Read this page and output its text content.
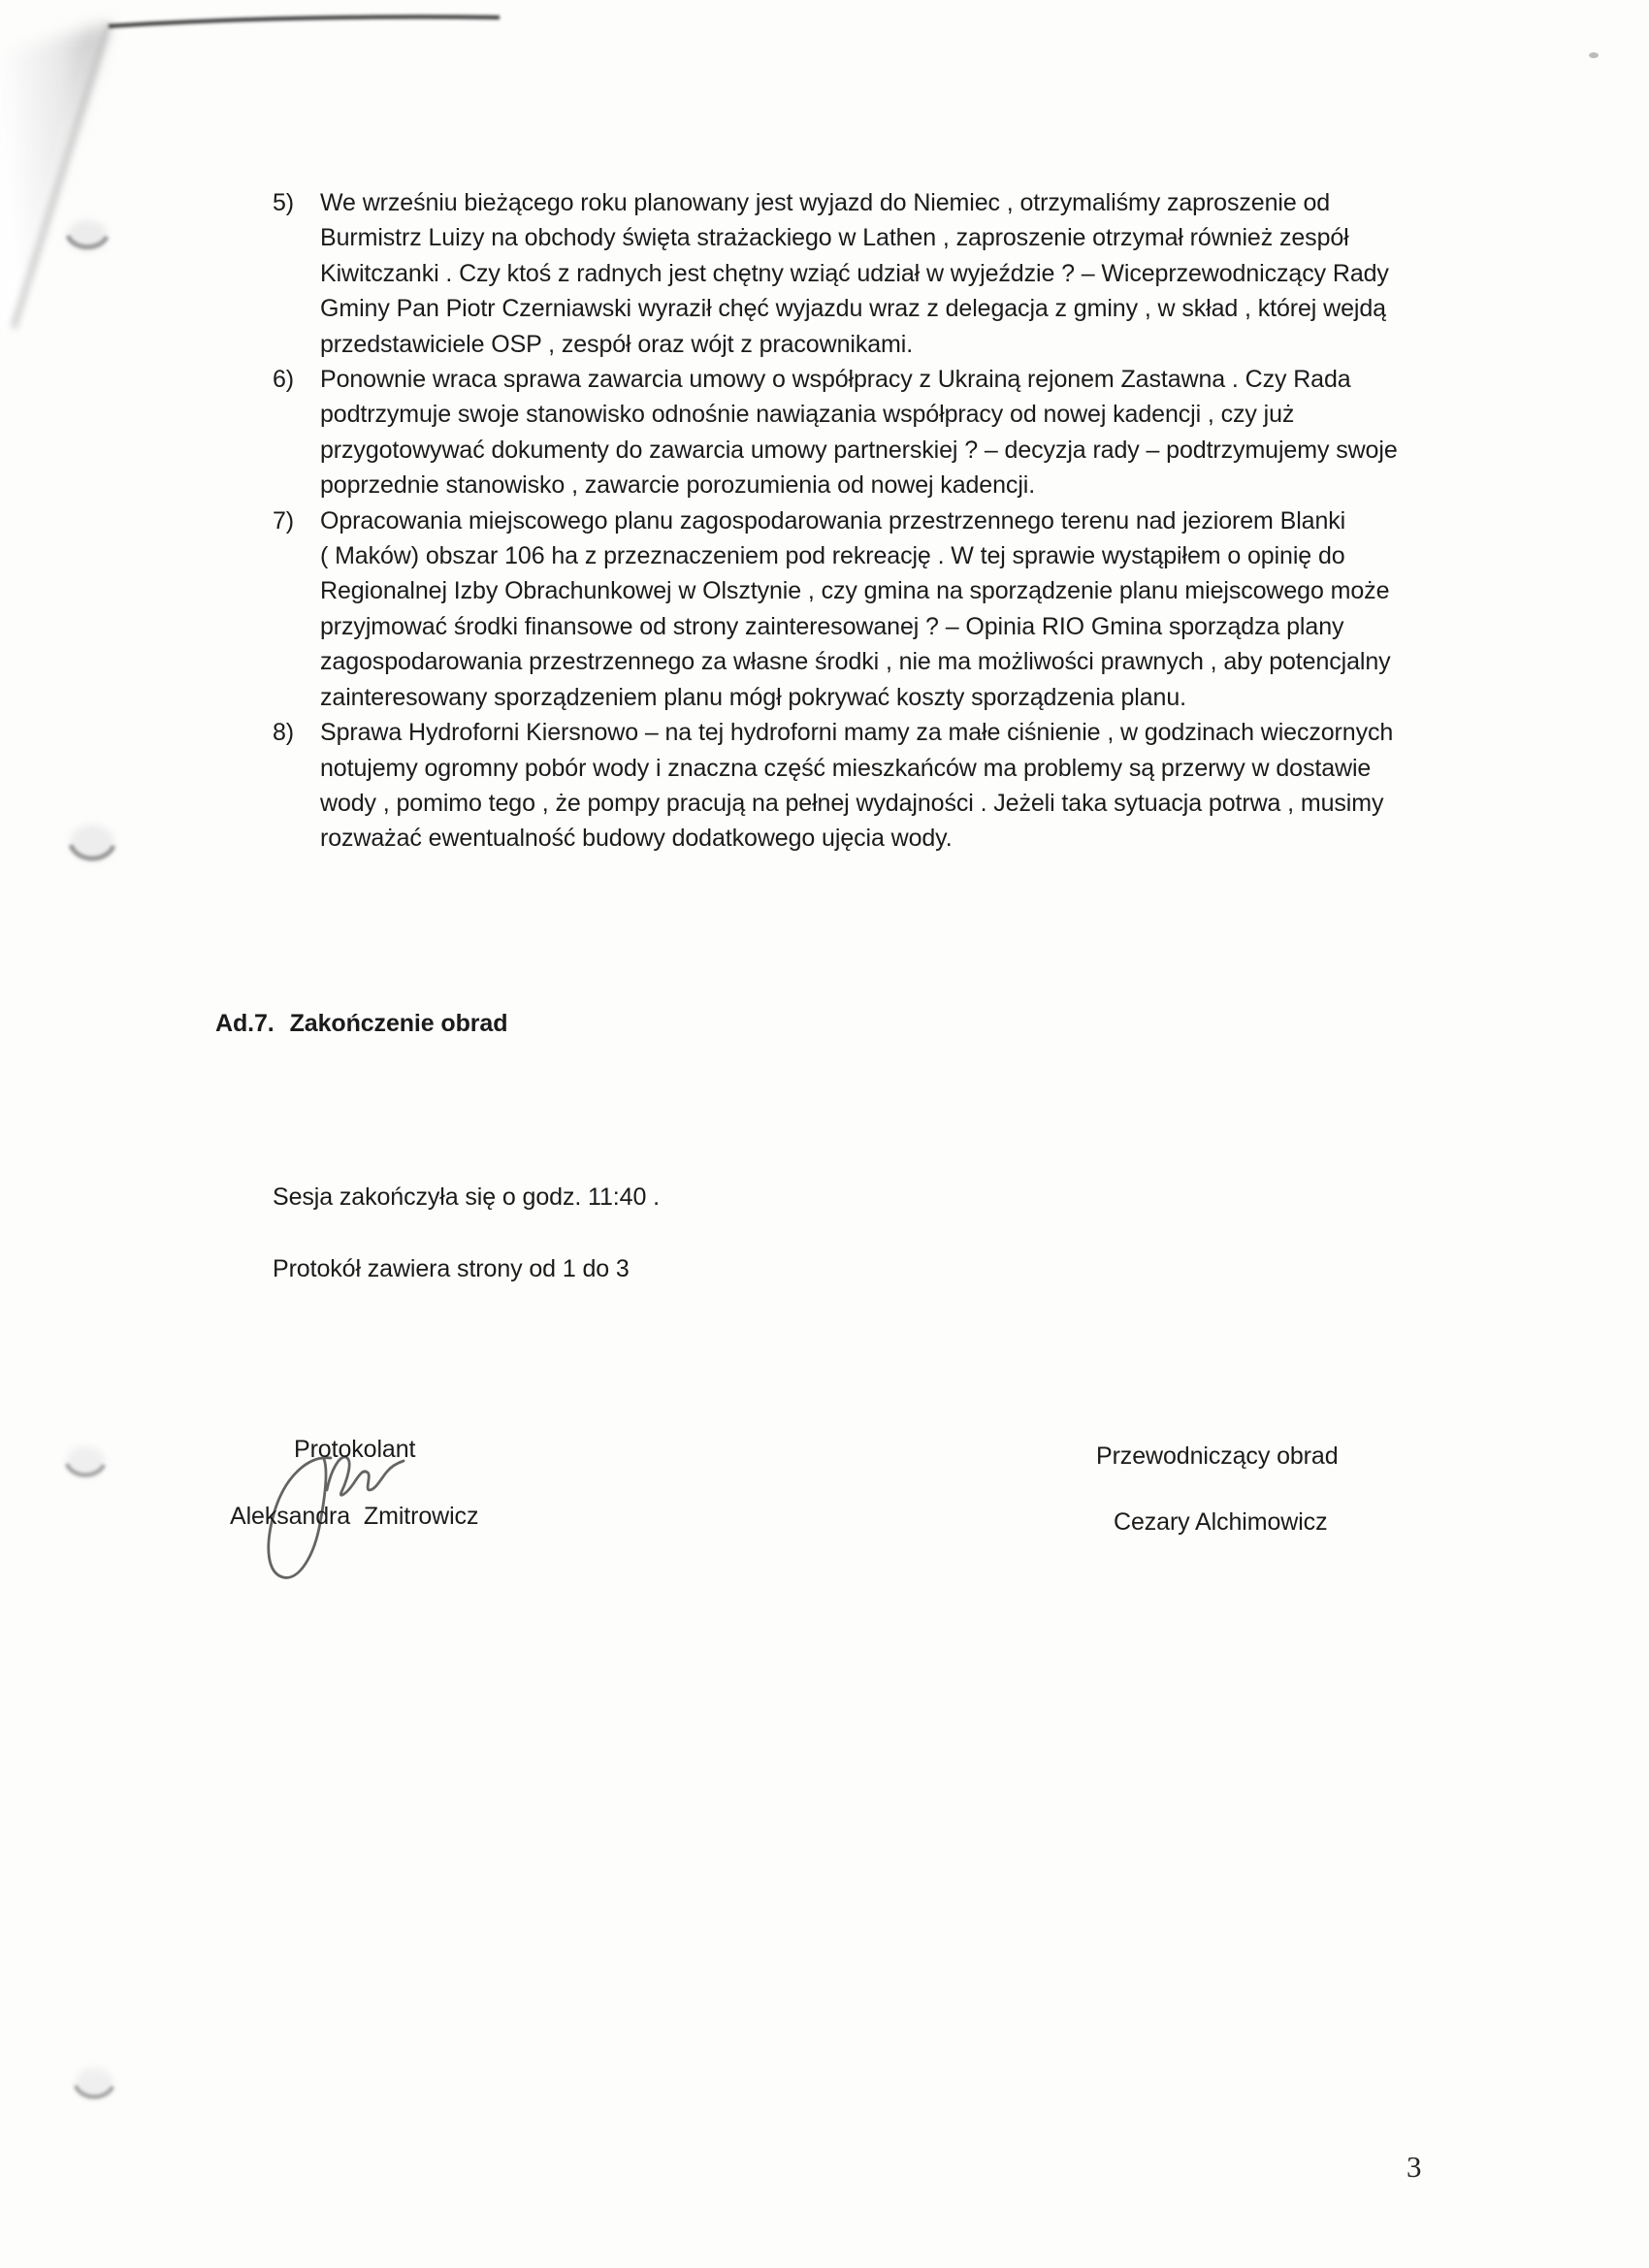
5)	We wrześniu bieżącego roku planowany jest wyjazd do Niemiec , otrzymaliśmy zaproszenie od
Burmistrz Luizy na obchody święta strażackiego w Lathen , zaproszenie otrzymał również zespół
Kiwitczanki . Czy ktoś z radnych jest chętny wziąć udział w wyjeździe ? – Wiceprzewodniczący Rady
Gminy Pan Piotr Czerniawski wyraził chęć wyjazdu wraz z delegacja z gminy , w skład , której wejdą
przedstawiciele OSP , zespół oraz wójt z pracownikami.
6)	Ponownie wraca sprawa zawarcia umowy o współpracy z Ukrainą rejonem Zastawna . Czy Rada
podtrzymuje swoje stanowisko odnośnie nawiązania współpracy od nowej kadencji , czy już
przygotowywać dokumenty do zawarcia umowy partnerskiej ? – decyzja rady – podtrzymujemy swoje
poprzednie stanowisko , zawarcie porozumienia od nowej kadencji.
7)	Opracowania miejscowego planu zagospodarowania przestrzennego terenu nad jeziorem Blanki
( Maków) obszar 106 ha z przeznaczeniem pod rekreację . W tej sprawie wystąpiłem o opinię do
Regionalnej Izby Obrachunkowej w Olsztynie , czy gmina na sporządzenie planu miejscowego może
przyjmować środki finansowe od strony zainteresowanej ? – Opinia RIO Gmina sporządza plany
zagospodarowania przestrzennego za własne środki , nie ma możliwości prawnych , aby potencjalny
zainteresowany sporządzeniem planu mógł pokrywać koszty sporządzenia planu.
8)	Sprawa Hydroforni Kiersnowo – na tej hydroforni mamy za małe ciśnienie , w godzinach wieczornych
notujemy ogromny pobór wody i znaczna część mieszkańców ma problemy są przerwy w dostawie
wody , pomimo tego , że pompy pracują na pełnej wydajności . Jeżeli taka sytuacja potrwa , musimy
rozważać ewentualność budowy dodatkowego ujęcia wody.
Ad.7. Zakończenie obrad
Sesja zakończyła się o godz. 11:40 .
Protokół zawiera strony od 1 do 3
Protokolant
Aleksandra Zmitrowicz
Przewodniczący obrad
Cezary Alchimowicz
3
